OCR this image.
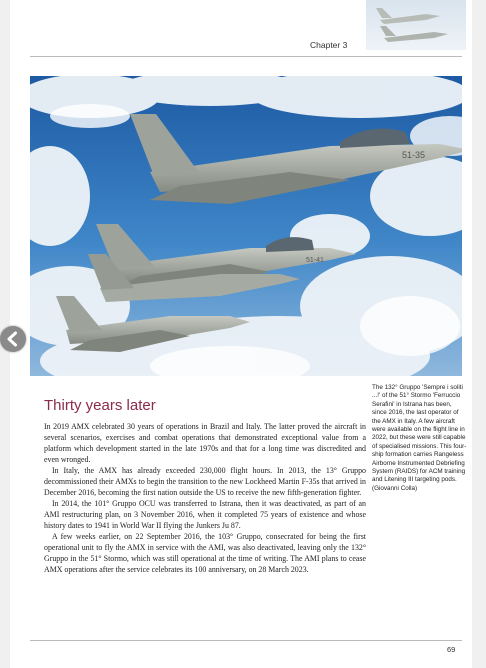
Chapter 3
51-35
51-41
The 132° Gruppo 'Sempre i soliti ...!' of the 51° Stormo 'Ferruccio Serafini' in Istrana has been, since 2016, the last operator of the AMX in Italy. A few aircraft were available on the flight line in 2022, but these were still capable of specialised missions. This four-ship formation carries Rangeless Airborne Instrumented Debriefing System (RAIDS) for ACM training and Litening III targeting pods. (Giovanni Colla)
Thirty years later

In 2019 AMX celebrated 30 years of operations in Brazil and Italy. The latter proved the aircraft in several scenarios, exercises and combat operations that demonstrated exceptional value from a platform which development started in the late 1970s and that for a long time was discredited and even wronged.

In Italy, the AMX has already exceeded 230,000 flight hours. In 2013, the 13° Gruppo decommissioned their AMXs to begin the transition to the new Lockheed Martin F-35s that arrived in December 2016, becoming the first nation outside the US to receive the new fifth-generation fighter.

In 2014, the 101° Gruppo OCU was transferred to Istrana, then it was deactivated, as part of an AMI restructuring plan, on 3 November 2016, when it completed 75 years of existence and whose history dates to 1941 in World War II flying the Junkers Ju 87.

A few weeks earlier, on 22 September 2016, the 103° Gruppo, consecrated for being the first operational unit to fly the AMX in service with the AMI, was also deactivated, leaving only the 132° Gruppo in the 51° Stormo, which was still operational at the time of writing. The AMI plans to cease AMX operations after the service celebrates its 100 anniversary, on 28 March 2023.

69
